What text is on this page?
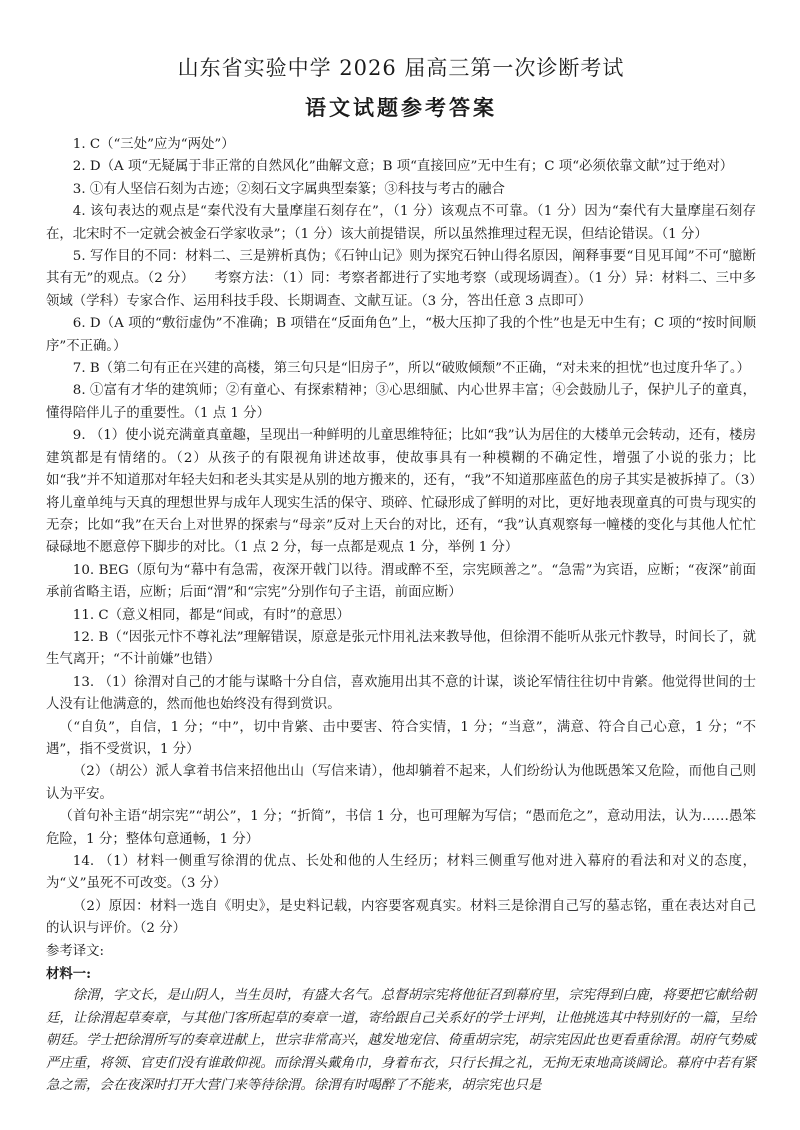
山东省实验中学 2026 届高三第一次诊断考试
语文试题参考答案

1. C（“三处”应为“两处”）

2. D（A 项“无疑属于非正常的自然风化”曲解文意；B 项“直接回应”无中生有；C 项“必须依靠文献”过于绝对）

3. ①有人坚信石刻为古迹；②刻石文字属典型秦篆；③科技与考古的融合

4. 该句表达的观点是“秦代没有大量摩崖石刻存在”，（1 分）该观点不可靠。（1 分）因为“秦代有大量摩崖石刻存在，北宋时不一定就会被金石学家收录”；（1 分）该大前提错误，所以虽然推理过程无误，但结论错误。（1 分）

5. 写作目的不同：材料二、三是辨析真伪；《石钟山记》则为探究石钟山得名原因，阐释事要“目见耳闻”不可“臆断其有无”的观点。（2 分）　　考察方法：（1）同：考察者都进行了实地考察（或现场调查）。（1 分）异：材料二、三中多领域（学科）专家合作、运用科技手段、长期调查、文献互证。（3 分，答出任意 3 点即可）

6. D（A 项的“敷衍虚伪”不准确；B 项错在“反面角色”上，“极大压抑了我的个性”也是无中生有；C 项的“按时间顺序”不正确。）

7. B（第二句有正在兴建的高楼，第三句只是“旧房子”，所以“破败倾颓”不正确，“对未来的担忧”也过度升华了。）

8. ①富有才华的建筑师；②有童心、有探索精神；③心思细腻、内心世界丰富；④会鼓励儿子，保护儿子的童真，懂得陪伴儿子的重要性。（1 点 1 分）

9. （1）使小说充满童真童趣，呈现出一种鲜明的儿童思维特征；比如“我”认为居住的大楼单元会转动，还有，楼房建筑都是有情绪的。（2）从孩子的有限视角讲述故事，使故事具有一种模糊的不确定性，增强了小说的张力；比如“我”并不知道那对年轻夫妇和老头其实是从别的地方搬来的，还有，“我”不知道那座蓝色的房子其实是被拆掉了。（3）将儿童单纯与天真的理想世界与成年人现实生活的保守、琐碎、忙碌形成了鲜明的对比，更好地表现童真的可贵与现实的无奈；比如“我”在天台上对世界的探索与“母亲”反对上天台的对比，还有，“我”认真观察每一幢楼的变化与其他人忙忙碌碌地不愿意停下脚步的对比。（1 点 2 分，每一点都是观点 1 分，举例 1 分）

10. BEG（原句为“幕中有急需，夜深开戟门以待。渭或醉不至，宗宪顾善之”。“急需”为宾语，应断；“夜深”前面承前省略主语，应断；后面“渭”和“宗宪”分别作句子主语，前面应断）

11. C（意义相同，都是“间或，有时”的意思）

12. B（“因张元忭不尊礼法”理解错误，原意是张元忭用礼法来教导他，但徐渭不能听从张元忭教导，时间长了，就生气离开；“不计前嫌”也错）

13. （1）徐渭对自己的才能与谋略十分自信，喜欢施用出其不意的计谋，谈论军情往往切中肯綮。他觉得世间的士人没有让他满意的，然而他也始终没有得到赏识。

（“自负”，自信，1 分；“中”，切中肯綮、击中要害、符合实情，1 分；“当意”，满意、符合自己心意，1 分；“不遇”，指不受赏识，1 分）

（2）（胡公）派人拿着书信来招他出山（写信来请），他却躺着不起来，人们纷纷认为他既愚笨又危险，而他自己则认为平安。

（首句补主语“胡宗宪”“胡公”，1 分；“折简”，书信 1 分，也可理解为写信；“愚而危之”，意动用法，认为……愚笨危险，1 分；整体句意通畅，1 分）

14. （1）材料一侧重写徐渭的优点、长处和他的人生经历；材料三侧重写他对进入幕府的看法和对义的态度，为“义”虽死不可改变。（3 分）

（2）原因：材料一选自《明史》，是史料记载，内容要客观真实。材料三是徐渭自己写的墓志铭，重在表达对自己的认识与评价。（2 分）

参考译文:

材料一:

徐渭，字文长，是山阴人，当生员时，有盛大名气。总督胡宗宪将他征召到幕府里，宗宪得到白鹿，将要把它献给朝廷，让徐渭起草奏章，与其他门客所起草的奏章一道，寄给跟自己关系好的学士评判，让他挑选其中特别好的一篇，呈给朝廷。学士把徐渭所写的奏章进献上，世宗非常高兴，越发地宠信、倚重胡宗宪，胡宗宪因此也更看重徐渭。胡府气势威严庄重，将领、官吏们没有谁敢仰视。而徐渭头戴角巾，身着布衣，只行长揖之礼，无拘无束地高谈阔论。幕府中若有紧急之需，会在夜深时打开大营门来等待徐渭。徐渭有时喝醉了不能来，胡宗宪也只是
